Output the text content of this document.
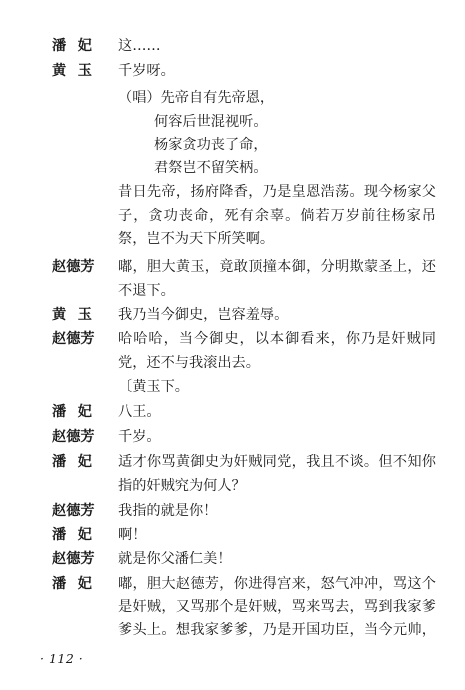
潘 妃 这……
黄 玉 千岁呀。
（唱）先帝自有先帝恩，
何容后世混视听。
杨家贪功丧了命，
君祭岂不留笑柄。
昔日先帝，扬府降香，乃是皇恩浩荡。现今杨家父
子，贪功丧命，死有余辜。倘若万岁前往杨家吊
祭，岂不为天下所笑啊。
赵德芳 嘟，胆大黄玉，竟敢顶撞本御，分明欺蒙圣上，还
不退下。
黄 玉 我乃当今御史，岂容羞辱。
赵德芳 哈哈哈，当今御史，以本御看来，你乃是奸贼同
党，还不与我滚出去。
〔黄玉下。
潘 妃 八王。
赵德芳 千岁。
潘 妃 适才你骂黄御史为奸贼同党，我且不谈。但不知你
指的奸贼究为何人？
赵德芳 我指的就是你！
潘 妃 啊！
赵德芳 就是你父潘仁美！
潘 妃 嘟，胆大赵德芳，你进得宫来，怒气冲冲，骂这个
是奸贼，又骂那个是奸贼，骂来骂去，骂到我家爹
爹头上。想我家爹爹，乃是开国功臣，当今元帅，
· 112 ·
